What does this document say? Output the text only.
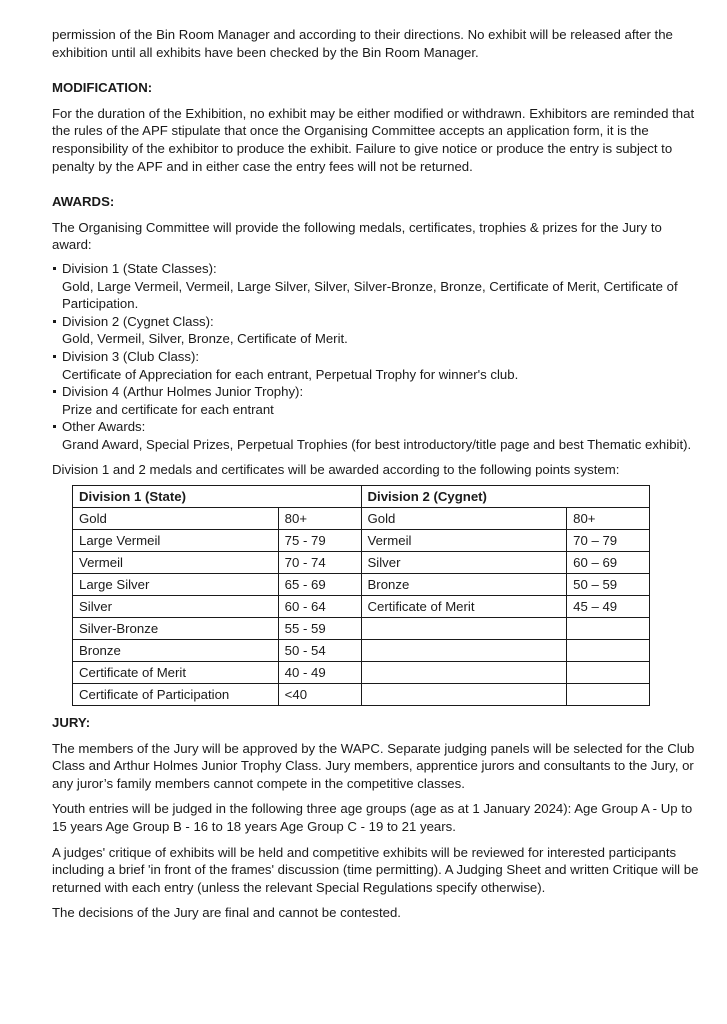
permission of the Bin Room Manager and according to their directions. No exhibit will be released after the exhibition until all exhibits have been checked by the Bin Room Manager.

MODIFICATION:

For the duration of the Exhibition, no exhibit may be either modified or withdrawn. Exhibitors are reminded that the rules of the APF stipulate that once the Organising Committee accepts an application form, it is the responsibility of the exhibitor to produce the exhibit. Failure to give notice or produce the entry is subject to penalty by the APF and in either case the entry fees will not be returned.

AWARDS:

The Organising Committee will provide the following medals, certificates, trophies & prizes for the Jury to award:

Division 1 (State Classes):
Gold, Large Vermeil, Vermeil, Large Silver, Silver, Silver-Bronze, Bronze, Certificate of Merit, Certificate of Participation.
Division 2 (Cygnet Class):
Gold, Vermeil, Silver, Bronze, Certificate of Merit.
Division 3 (Club Class):
Certificate of Appreciation for each entrant, Perpetual Trophy for winner's club.
Division 4 (Arthur Holmes Junior Trophy):
Prize and certificate for each entrant
Other Awards:
Grand Award, Special Prizes, Perpetual Trophies (for best introductory/title page and best Thematic exhibit).

Division 1 and 2 medals and certificates will be awarded according to the following points system:

Division 1 (State)		Division 2 (Cygnet)	
Gold	80+	Gold	80+
Large Vermeil	75 - 79	Vermeil	70 – 79
Vermeil	70 - 74	Silver	60 – 69
Large Silver	65 - 69	Bronze	50 – 59
Silver	60 - 64	Certificate of Merit	45 – 49
Silver-Bronze	55 - 59		
Bronze	50 - 54		
Certificate of Merit	40 - 49		
Certificate of Participation	<40		

JURY:

The members of the Jury will be approved by the WAPC. Separate judging panels will be selected for the Club Class and Arthur Holmes Junior Trophy Class. Jury members, apprentice jurors and consultants to the Jury, or any juror’s family members cannot compete in the competitive classes.

Youth entries will be judged in the following three age groups (age as at 1 January 2024): Age Group A - Up to 15 years Age Group B - 16 to 18 years Age Group C - 19 to 21 years.

A judges' critique of exhibits will be held and competitive exhibits will be reviewed for interested participants including a brief 'in front of the frames' discussion (time permitting). A Judging Sheet and written Critique will be returned with each entry (unless the relevant Special Regulations specify otherwise).

The decisions of the Jury are final and cannot be contested.
